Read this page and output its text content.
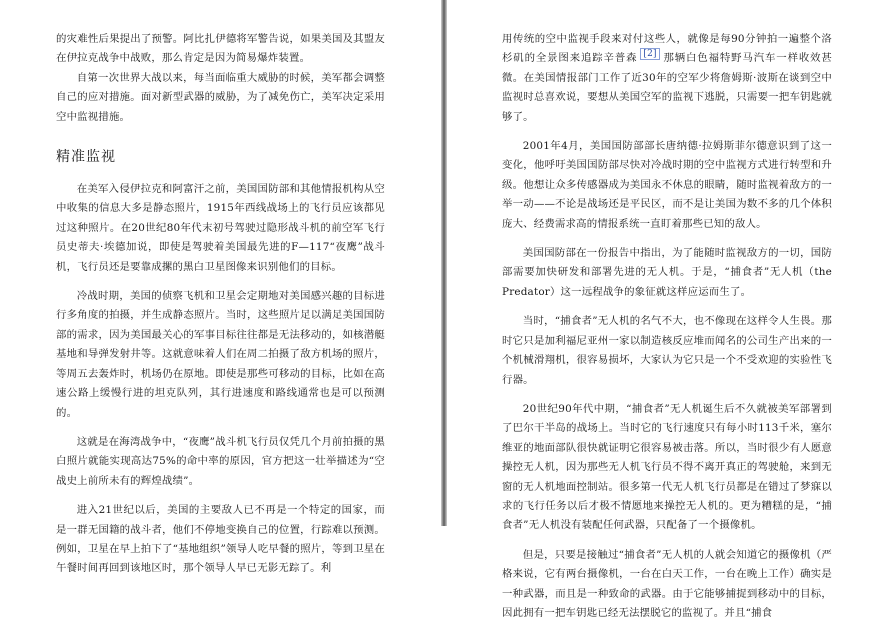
的灾难性后果提出了预警。阿比扎伊德将军警告说，如果美国及其盟友在伊拉克战争中战败，那么肯定是因为简易爆炸装置。

自第一次世界大战以来，每当面临重大威胁的时候，美军都会调整自己的应对措施。面对新型武器的威胁，为了减免伤亡，美军决定采用空中监视措施。

精准监视

在美军入侵伊拉克和阿富汗之前，美国国防部和其他情报机构从空中收集的信息大多是静态照片，1915年西线战场上的飞行员应该都见过这种照片。在20世纪80年代末初号驾驶过隐形战斗机的前空军飞行员史蒂夫·埃德加说，即使是驾驶着美国最先进的F—117“夜鹰”战斗机，飞行员还是要靠成摞的黑白卫星图像来识别他们的目标。

冷战时期，美国的侦察飞机和卫星会定期地对美国感兴趣的目标进行多角度的拍摄，并生成静态照片。当时，这些照片足以满足美国国防部的需求，因为美国最关心的军事目标往往都是无法移动的，如核潜艇基地和导弹发射井等。这就意味着人们在周二拍摄了敌方机场的照片，等周五去轰炸时，机场仍在原地。即使是那些可移动的目标，比如在高速公路上缓慢行进的坦克队列，其行进速度和路线通常也是可以预测的。

这就是在海湾战争中，“夜鹰”战斗机飞行员仅凭几个月前拍摄的黑白照片就能实现高达75%的命中率的原因，官方把这一壮举描述为“空战史上前所未有的辉煌战绩”。

进入21世纪以后，美国的主要敌人已不再是一个特定的国家，而是一群无国籍的战斗者，他们不停地变换自己的位置，行踪难以预测。例如，卫星在早上拍下了“基地组织”领导人吃早餐的照片，等到卫星在午餐时间再回到该地区时，那个领导人早已无影无踪了。利

用传统的空中监视手段来对付这些人，就像是每90分钟拍一遍整个洛杉矶的全景图来追踪辛普森 [2] 那辆白色福特野马汽车一样收效甚微。在美国情报部门工作了近30年的空军少将詹姆斯·波斯在谈到空中监视时总喜欢说，要想从美国空军的监视下逃脱，只需要一把车钥匙就够了。

2001年4月，美国国防部部长唐纳德·拉姆斯菲尔德意识到了这一变化，他呼吁美国国防部尽快对冷战时期的空中监视方式进行转型和升级。他想让众多传感器成为美国永不休息的眼睛，随时监视着敌方的一举一动——不论是战场还是平民区，而不是让美国为数不多的几个体积庞大、经费需求高的情报系统一直盯着那些已知的敌人。

美国国防部在一份报告中指出，为了能随时监视敌方的一切，国防部需要加快研发和部署先进的无人机。于是，“捕食者”无人机（the Predator）这一远程战争的象征就这样应运而生了。

当时，“捕食者”无人机的名气不大，也不像现在这样令人生畏。那时它只是加利福尼亚州一家以制造核反应堆而闻名的公司生产出来的一个机械滑翔机，很容易损坏，大家认为它只是一个不受欢迎的实验性飞行器。

20世纪90年代中期，“捕食者”无人机诞生后不久就被美军部署到了巴尔干半岛的战场上。当时它的飞行速度只有每小时113千米，塞尔维亚的地面部队很快就证明它很容易被击落。所以，当时很少有人愿意操控无人机，因为那些无人机飞行员不得不离开真正的驾驶舱，来到无窗的无人机地面控制站。很多第一代无人机飞行员都是在错过了梦寐以求的飞行任务以后才极不情愿地来操控无人机的。更为糟糕的是，“捕食者”无人机没有装配任何武器，只配备了一个摄像机。

但是，只要是接触过“捕食者”无人机的人就会知道它的摄像机（严格来说，它有两台摄像机，一台在白天工作，一台在晚上工作）确实是一种武器，而且是一种致命的武器。由于它能够捕捉到移动中的目标，因此拥有一把车钥匙已经无法摆脱它的监视了。并且“捕食
